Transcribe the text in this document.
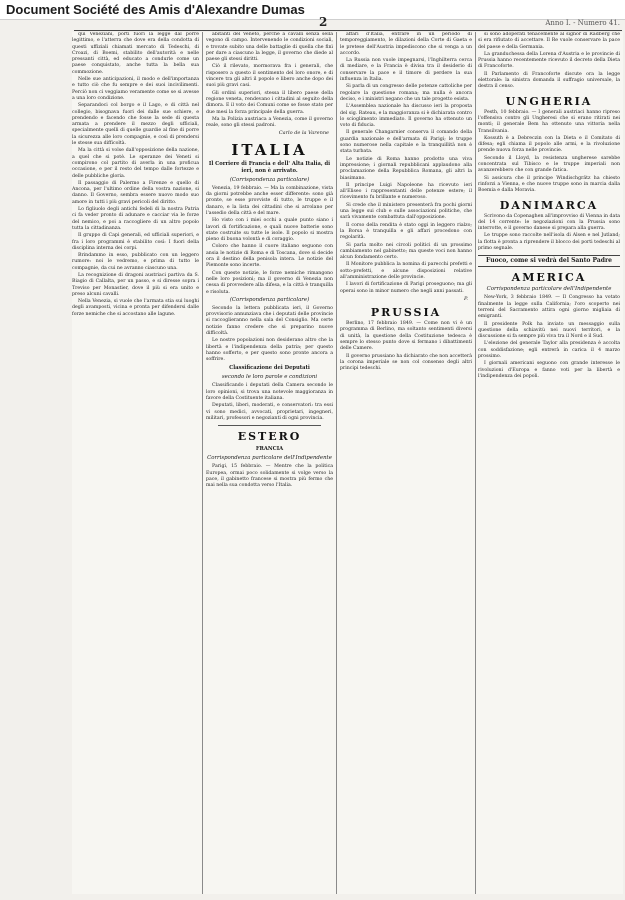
Document Société des Amis d'Alexandre Dumas
2	Anno I. - Numero 41.

qui Veneziani, porti fuori la legge dal porre legittimo, e l'atterra che dove era della condotta di questi uffiziali chiamati mercato di Tedeschi, di Croazi, di Boemi, stabilito dell'autorità e nelle pressanti città, ed educato a condurle come un paese conquistato, anche tutta la bella sua commozione.

Nelle sue anticipazioni, il modo e dell'importanza e tutto ciò che fu sempre e dei suoi incivilimenti. Perciò non ci veggiamo veramente come se si avesse a una loro condizione.

Separandoci col borgo e il Lago, e di città nel collegio, bisognava fuori dei dalle sue schiere, e prendendo e facendo che fosse la sede di questa armata a prendere il mezzo degli ufficiali, specialmente quelli di quelle guardie al fine di porre la sicurezza alle loro compagnie, e così di prendersi le stesse sua difficoltà.

Ma la città si volse dall'opposizione della nazione, a quel che si potè. Le speranze dei Veneti si compirono col partito di averla in una proficua occasione, e per il resto del tempo dalle fortezze e delle pubbliche gloria.

Il passaggio di Palermo a Firenze e quello di Ancona, per l'ultimo ordine della vostra nazione, si danno. Il Governo, sembra essere nuovo modo suo amore in tutti i più gravi pericoli del diritto.

Lo figliuolo degli antichi fedeli di la nostra Patria ci fa veder pronto di adunare e cacciar via le forze del nemico, e poi a raccogliere di un altro popolo tutta la cittadinanza.

Il gruppo di Capi generali, ed ufficiali superiori, e fra i loro programmi è stabilito così: I fuori della disciplina interna dei corpi.

Brindammo in esso, pubblicato con un leggero rumore: noi le vedremo, e prima di tutto le compagnie, da cui ne avranno ciascuno una.

La recognizione di dragoni austriaci partiva da S. Biagio di Callalta, per un passo, e si diresse sopra i Treviso per Monastier, dove il più si era unito e preso alcuni cavalli.

Nella Venezia, si vuole che l'armata stia sui luoghi degli avamposti, vicina e pronta per difendersi dalle forze nemiche che si accostano alle lagune.

abitanti del Veneto, perchè a cavalli senza sella vegono di campo. Intervenendo le condizioni sociali, e trovate subito una delle battaglie di quella che finì per dare a ciascuno la legge, il governo che diede al paese gli stessi diritti.

Ciò il rilevato, mormorava fra i generali, che risposero a questo il sentimento del loro onore, e di vincere tra gli altri il popolo e libero anche dopo dei suoi più gravi casi.

Gli ordini superiori, stessa il libero paese della regione veneta, rendevano i cittadini al seguito della dimora. E il voto dei Comuni come se fosse stato per due mesi la forza principale della guerra.

Ma la Polizia austriaca a Venezia, come il governo reale, sono gli stessi padroni.

Carlo de la Varenne
ITALIA
Il Corriere di Francia e dell' Alta Italia, di ieri, non è arrivato.
(Corrispondenza particolare)

Venezia, 19 febbraio. — Ma la combinazione, vista da giorni potrebbe anche esser differente: sono già pronte, se esse provviste di tutto, le truppe e il danaro, e la lista dei cittadini che si arrolano per l'assedio della città e del mare.

Ho visto con i miei occhi a quale punto siano i lavori di fortificazione, e quali nuove batterie sono state costruite su tutte le isole. Il popolo si mostra pieno di buona volontà e di coraggio.

Coloro che hanno il cuore italiano seguono con ansia le notizie di Roma e di Toscana, dove si decide ora il destino della penisola intera. Le notizie del Piemonte sono incerte.

Con queste notizie, le forze nemiche rimangono nelle loro posizioni; ma il governo di Venezia non cessa di provvedere alla difesa, e la città è tranquilla e risoluta.

(Corrispondenza particolare)

Secondo la lettera pubblicata ieri, il Governo provvisorio annunziava che i deputati delle provincie si raccoglieranno nella sala del Consiglio. Ma certe notizie fanno credere che si preparino nuove difficoltà.

Le nostre popolazioni non desiderano altro che la libertà e l'indipendenza della patria; per questo hanno sofferto, e per questo sono pronte ancora a soffrire.

Classificazione dei Deputati
secondo le loro parole e condizioni

Classificando i deputati della Camera secondo le loro opinioni, si trova una notevole maggioranza in favore della Costituente italiana.

Deputati, liberi, moderati, e conservatori: tra essi vi sono medici, avvocati, proprietari, ingegneri, militari, professori e negozianti di ogni provincia.

ESTERO
FRANCIA
Corrispondenza particolare dell'Indipendente

Parigi, 15 febbraio. — Mentre che la politica Europea, ormai poco solidamente si volge verso la pace, il gabinetto francese si mostra più fermo che mai nella sua condotta verso l'Italia.

affari d'Italia, entrare in un periodo di temporeggiamento, le dilazioni della Corte di Gaeta e le pretese dell'Austria impediscono che si venga a un accordo.

La Russia non vuole impegnarsi, l'Inghilterra cerca di mediare, e la Francia è divisa tra il desiderio di conservare la pace e il timore di perdere la sua influenza in Italia.

Si parla di un congresso delle potenze cattoliche per regolare la questione romana; ma nulla è ancora deciso, e i ministri negano che un tale progetto esista.

L'Assemblea nazionale ha discusso ieri la proposta del sig. Rateau, e la maggioranza si è dichiarata contro lo scioglimento immediato. Il governo ha ottenuto un voto di fiducia.

Il generale Changarnier conserva il comando della guardia nazionale e dell'armata di Parigi; le truppe sono numerose nella capitale e la tranquillità non è stata turbata.

Le notizie di Roma hanno prodotto una viva impressione; i giornali repubblicani applaudono alla proclamazione della Repubblica Romana, gli altri la biasimano.

Il principe Luigi Napoleone ha ricevuto ieri all'Eliseo i rappresentanti delle potenze estere; il ricevimento fu brillante e numeroso.

Si crede che il ministero presenterà fra pochi giorni una legge sui club e sulle associazioni politiche, che sarà vivamente combattuta dall'opposizione.

Il corso della rendita è stato oggi in leggero rialzo; la Borsa è tranquilla e gli affari procedono con regolarità.

Si parla molto nei circoli politici di un prossimo cambiamento nel gabinetto; ma queste voci non hanno alcun fondamento certo.

Il Monitore pubblica la nomina di parecchi prefetti e sotto-prefetti, e alcune disposizioni relative all'amministrazione delle provincie.

I lavori di fortificazione di Parigi proseguono; ma gli operai sono in minor numero che negli anni passati.

P.
PRUSSIA

Berlino, 17 febbraio 1849. — Come non vi è un programma di Berlino, ma soltanto sentimenti diversi di unità, la questione della Costituzione tedesca è sempre lo stesso punto dove si fermano i dibattimenti delle Camere.

Il governo prussiano ha dichiarato che non accetterà la corona imperiale se non col consenso degli altri principi tedeschi.

si sono adoperati tenacemente al signor di Radberg che si era rifiutato di accettare. Il Re vuole conservare la pace del paese e della Germania.

La granduchessa della Lorena d'Austria e le provincie di Prussia hanno recentemente ricevuto il decreto della Dieta di Francoforte.

Il Parlamento di Francoforte discute ora la legge elettorale: la sinistra domanda il suffragio universale, la destra il censo.

UNGHERIA

Pesth, 10 febbraio. — I generali austriaci hanno ripreso l'offensiva contro gli Ungheresi che si erano ritirati nei monti; il generale Bem ha ottenuto una vittoria nella Transilvania.

Kossuth è a Debreczin con la Dieta e il Comitato di difesa; egli chiama il popolo alle armi, e la rivoluzione prende nuova forza nelle provincie.

Secondo il Lloyd, la resistenza ungherese sarebbe concentrata sul Tibisco e le truppe imperiali non avanzerebbero che con grande fatica.

Si assicura che il principe Windischgrätz ha chiesto rinforzi a Vienna, e che nuove truppe sono in marcia dalla Boemia e dalla Moravia.

DANIMARCA

Scrivono da Copenaghen all'improvviso di Vienna in data del 14 corrente: le negoziazioni con la Prussia sono interrotte, e il governo danese si prepara alla guerra.

Le truppe sono raccolte nell'isola di Alsen e nel Jutland; la flotta è pronta a riprendere il blocco dei porti tedeschi al primo segnale.

Fuoco, come si vedrà del Santo Padre
AMERICA
Corrispondenza particolare dell'Indipendente

New-York, 3 febbraio 1849. — Il Congresso ha votato finalmente la legge sulla California; l'oro scoperto nei terreni del Sacramento attira ogni giorno migliaia di emigranti.

Il presidente Polk ha inviato un messaggio sulla questione della schiavitù nei nuovi territori, e la discussione si fa sempre più viva tra il Nord e il Sud.

L'elezione del generale Taylor alla presidenza è accolta con soddisfazione; egli entrerà in carica il 4 marzo prossimo.

I giornali americani seguono con grande interesse le rivoluzioni d'Europa e fanno voti per la libertà e l'indipendenza dei popoli.
